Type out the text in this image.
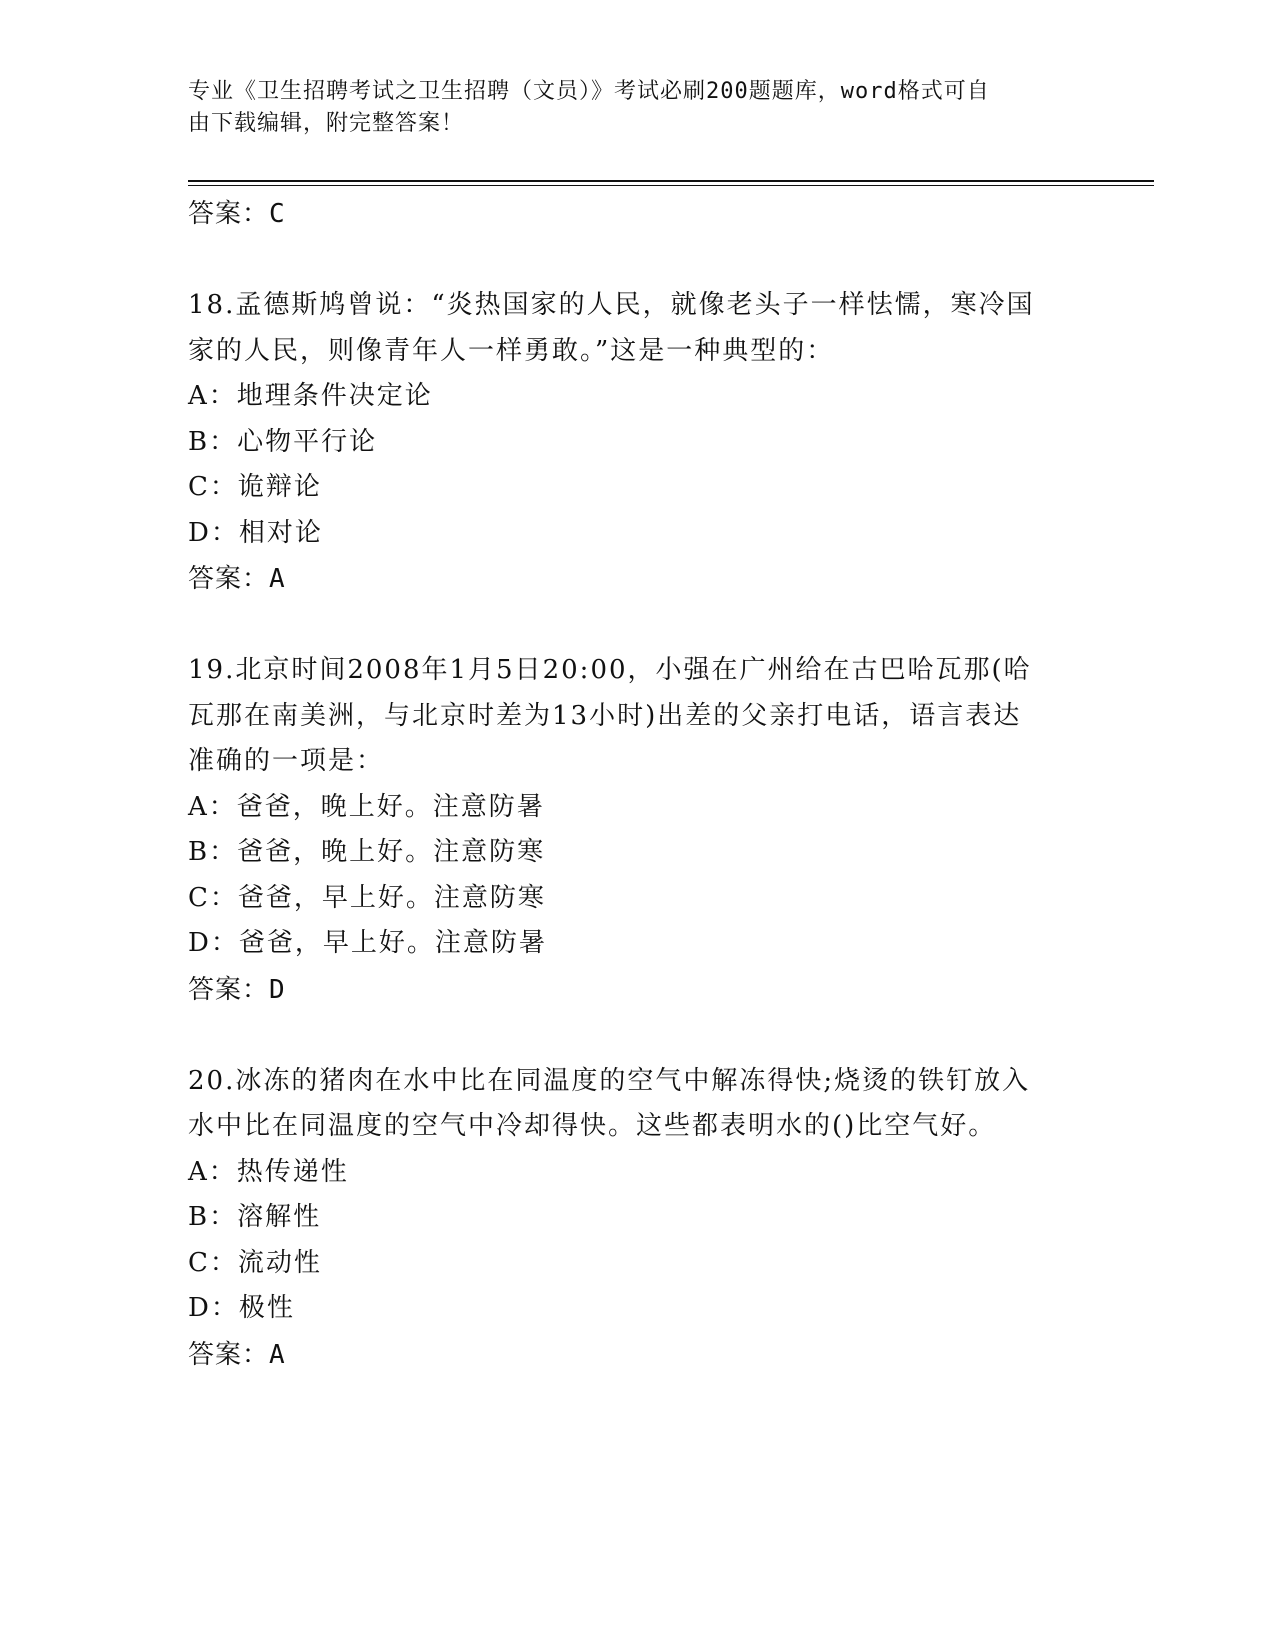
专业《卫生招聘考试之卫生招聘（文员）》考试必刷200题题库，word格式可自
由下载编辑，附完整答案！
答案：C
18.孟德斯鸠曾说：“炎热国家的人民，就像老头子一样怯懦，寒冷国
家的人民，则像青年人一样勇敢。”这是一种典型的：
A：地理条件决定论
B：心物平行论
C：诡辩论
D：相对论
答案：A
19.北京时间2008年1月5日20:00，小强在广州给在古巴哈瓦那(哈
瓦那在南美洲，与北京时差为13小时)出差的父亲打电话，语言表达
准确的一项是：
A：爸爸，晚上好。注意防暑
B：爸爸，晚上好。注意防寒
C：爸爸，早上好。注意防寒
D：爸爸，早上好。注意防暑
答案：D
20.冰冻的猪肉在水中比在同温度的空气中解冻得快;烧烫的铁钉放入
水中比在同温度的空气中冷却得快。这些都表明水的()比空气好。
A：热传递性
B：溶解性
C：流动性
D：极性
答案：A
